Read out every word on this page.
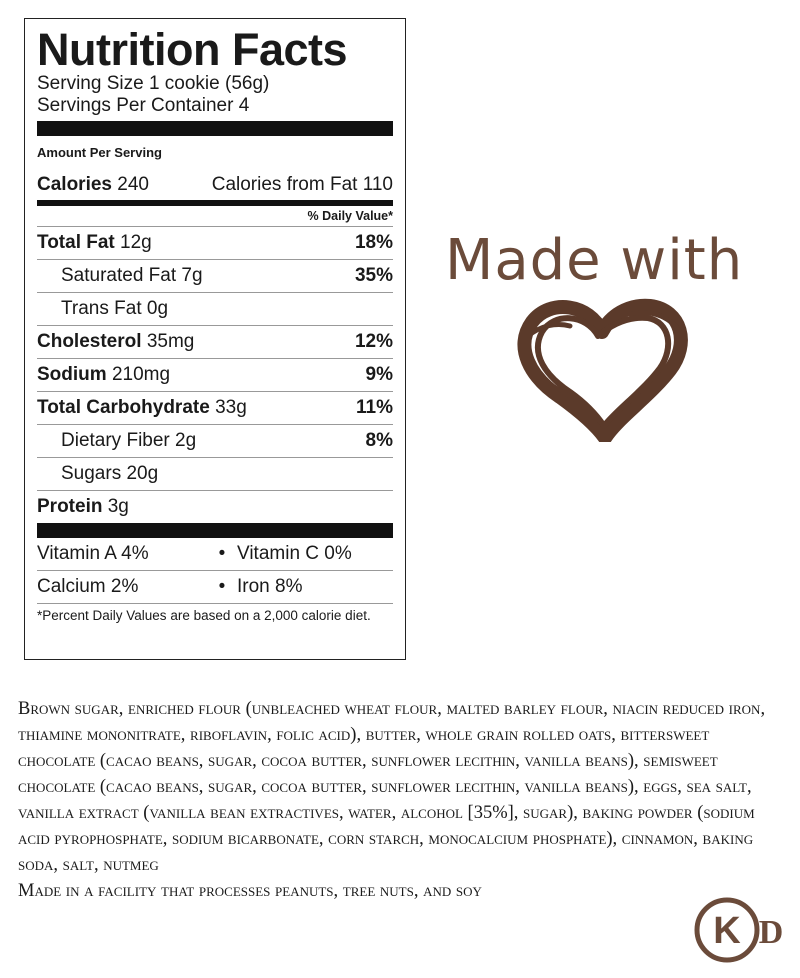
Nutrition Facts
Serving Size 1 cookie (56g)
Servings Per Container 4
Amount Per Serving
Calories 240	Calories from Fat 110
% Daily Value*
Total Fat 12g	18%
Saturated Fat 7g	35%
Trans Fat 0g
Cholesterol 35mg	12%
Sodium 210mg	9%
Total Carbohydrate 33g	11%
Dietary Fiber 2g	8%
Sugars 20g
Protein 3g
Vitamin A 4%	• Vitamin C 0%
Calcium 2%	• Iron 8%
*Percent Daily Values are based on a 2,000 calorie diet.
Made with

Brown sugar, enriched flour (unbleached wheat flour, malted barley flour, niacin reduced iron, thiamine mononitrate, riboflavin, folic acid), butter, whole grain rolled oats, bittersweet chocolate (cacao beans, sugar, cocoa butter, sunflower lecithin, vanilla beans), semisweet chocolate (cacao beans, sugar, cocoa butter, sunflower lecithin, vanilla beans), eggs, sea salt, vanilla extract (vanilla bean extractives, water, alcohol [35%], sugar), baking powder (sodium acid pyrophosphate, sodium bicarbonate, corn starch, monocalcium phosphate), cinnamon, baking soda, salt, nutmeg

Made in a facility that processes peanuts, tree nuts, and soy

K D
